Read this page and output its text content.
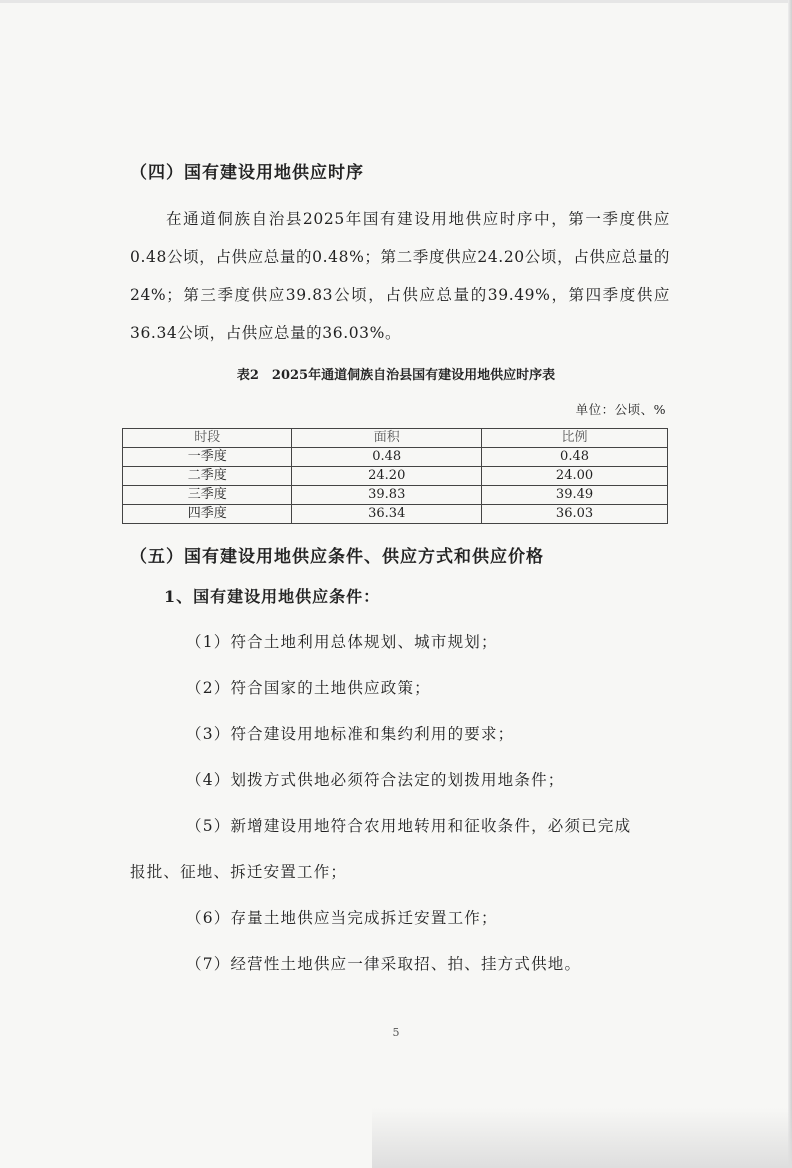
（四）国有建设用地供应时序
在通道侗族自治县2025年国有建设用地供应时序中，第一季度供应0.48公顷，占供应总量的0.48%；第二季度供应24.20公顷，占供应总量的24%；第三季度供应39.83公顷，占供应总量的39.49%，第四季度供应36.34公顷，占供应总量的36.03%。
表2　2025年通道侗族自治县国有建设用地供应时序表
单位：公顷、%
时段	面积	比例
一季度	0.48	0.48
二季度	24.20	24.00
三季度	39.83	39.49
四季度	36.34	36.03
（五）国有建设用地供应条件、供应方式和供应价格
1、国有建设用地供应条件：
（1）符合土地利用总体规划、城市规划；
（2）符合国家的土地供应政策；
（3）符合建设用地标准和集约利用的要求；
（4）划拨方式供地必须符合法定的划拨用地条件；
（5）新增建设用地符合农用地转用和征收条件，必须已完成
报批、征地、拆迁安置工作；
（6）存量土地供应当完成拆迁安置工作；
（7）经营性土地供应一律采取招、拍、挂方式供地。
5
